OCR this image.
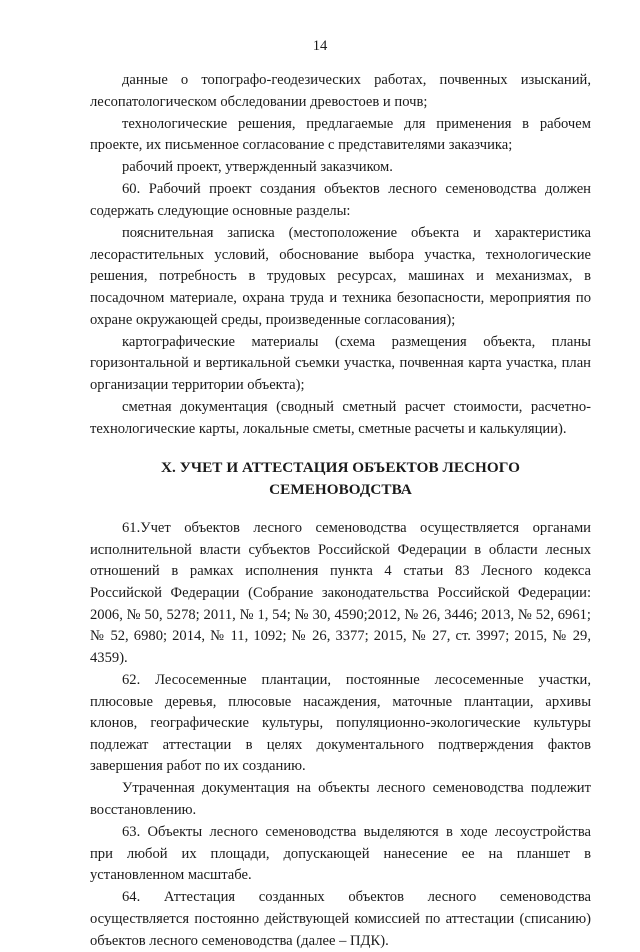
14

данные о топографо-геодезических работах, почвенных изысканий, лесопатологическом обследовании древостоев и почв;

технологические решения, предлагаемые для применения в рабочем проекте, их письменное согласование с представителями заказчика;

рабочий проект, утвержденный заказчиком.

60. Рабочий проект создания объектов лесного семеноводства должен содержать следующие основные разделы:

пояснительная записка (местоположение объекта и характеристика лесорастительных условий, обоснование выбора участка, технологические решения, потребность в трудовых ресурсах, машинах и механизмах, в посадочном материале, охрана труда и техника безопасности, мероприятия по охране окружающей среды, произведенные согласования);

картографические материалы (схема размещения объекта, планы горизонтальной и вертикальной съемки участка, почвенная карта участка, план организации территории объекта);

сметная документация (сводный сметный расчет стоимости, расчетно-технологические карты, локальные сметы, сметные расчеты и калькуляции).

X. УЧЕТ И АТТЕСТАЦИЯ ОБЪЕКТОВ ЛЕСНОГО СЕМЕНОВОДСТВА

61.Учет объектов лесного семеноводства осуществляется органами исполнительной власти субъектов Российской Федерации в области лесных отношений в рамках исполнения пункта 4 статьи 83 Лесного кодекса Российской Федерации (Собрание законодательства Российской Федерации: 2006, № 50, 5278; 2011, № 1, 54; № 30, 4590;2012, № 26, 3446; 2013, № 52, 6961; № 52, 6980; 2014, № 11, 1092; № 26, 3377; 2015, № 27, ст. 3997; 2015, № 29, 4359).

62. Лесосеменные плантации, постоянные лесосеменные участки, плюсовые деревья, плюсовые насаждения, маточные плантации, архивы клонов, географические культуры, популяционно-экологические культуры подлежат аттестации в целях документального подтверждения фактов завершения работ по их созданию.

Утраченная документация на объекты лесного семеноводства подлежит восстановлению.

63. Объекты лесного семеноводства выделяются в ходе лесоустройства при любой их площади, допускающей нанесение ее на планшет в установленном масштабе.

64. Аттестация созданных объектов лесного семеноводства осуществляется постоянно действующей комиссией по аттестации (списанию) объектов лесного семеноводства (далее – ПДК).
